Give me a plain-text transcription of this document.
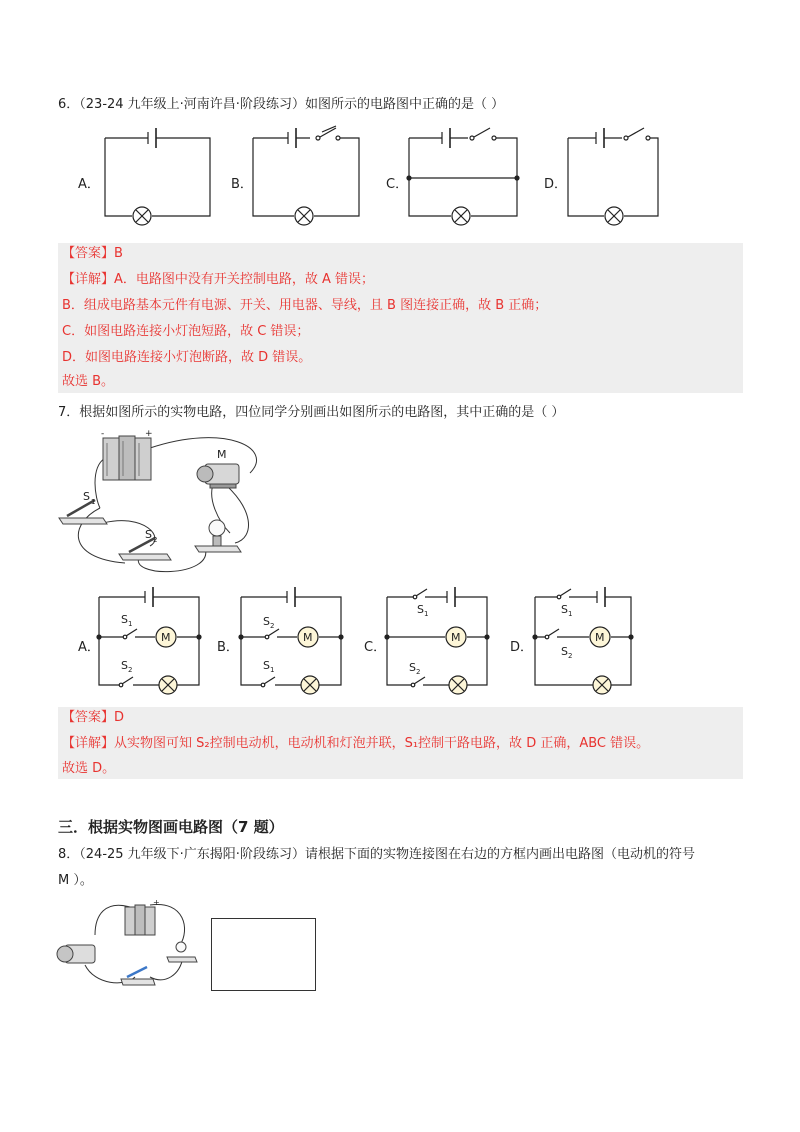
6．（23-24 九年级上·河南许昌·阶段练习）如图所示的电路图中正确的是（ ）
A．	B．	C．	D．
【答案】B
【详解】A．电路图中没有开关控制电路，故 A 错误；
B．组成电路基本元件有电源、开关、用电器、导线，且 B 图连接正确，故 B 正确；
C．如图电路连接小灯泡短路，故 C 错误；
D．如图电路连接小灯泡断路，故 D 错误。
故选 B。
7．根据如图所示的实物电路，四位同学分别画出如图所示的电路图，其中正确的是（ ）
-	+
M
S 1
S 2
M	M	M	M
S 1
S 2
S 2
S 1
S 1
S 2
S 1
S 2
A．	B．	C．	D．
【答案】D
【详解】从实物图可知 S₂控制电动机，电动机和灯泡并联，S₁控制干路电路，故 D 正确，ABC 错误。
故选 D。
三．根据实物图画电路图（7 题）
8．（24-25 九年级下·广东揭阳·阶段练习）请根据下面的实物连接图在右边的方框内画出电路图（电动机的符号
M ）。
+
